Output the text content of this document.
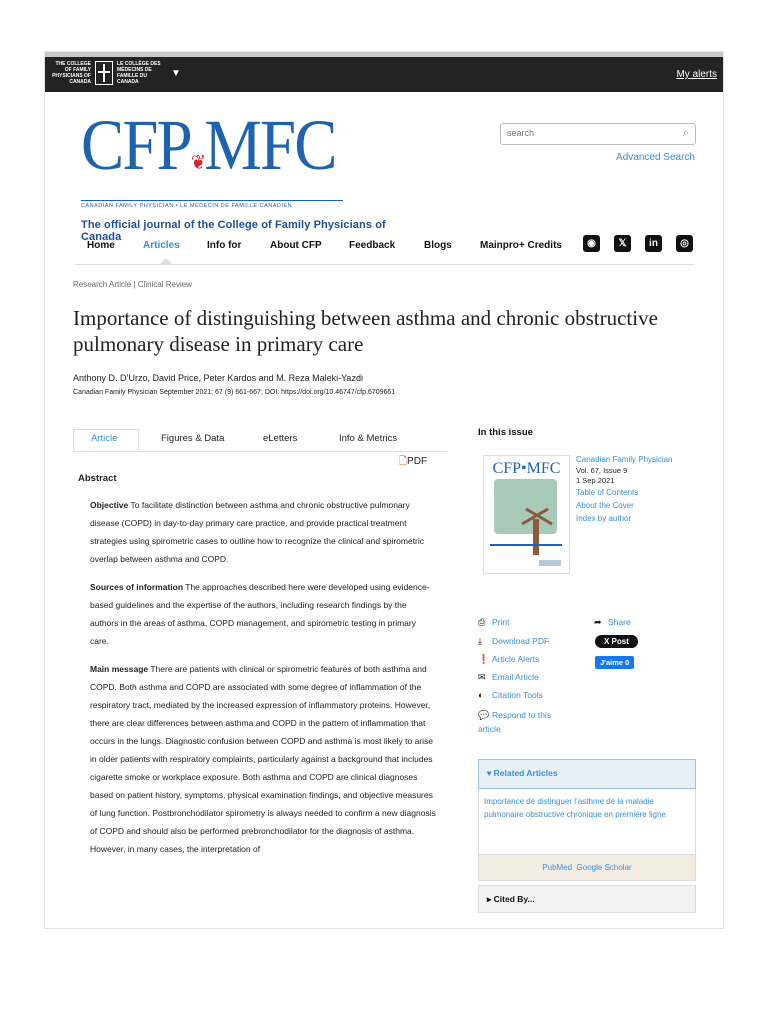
THE COLLEGE OF FAMILY PHYSICIANS OF CANADA
LE COLLÈGE DES MÉDECINS DE FAMILLE DU CANADA
▼	My alerts
CFP❦MFC
CANADIAN FAMILY PHYSICIAN • LE MÉDECIN DE FAMILLE CANADIEN
The official journal of the College of Family Physicians of Canada
search	⌕
Advanced Search
Home	Articles	Info for	About CFP	Feedback	Blogs	Mainpro+ Credits	◉	𝕏	in	◎
Research Article | Clinical Review
Importance of distinguishing between asthma and chronic obstructive pulmonary disease in primary care
Anthony D. D’Urzo, David Price, Peter Kardos and M. Reza Maleki-Yazdi
Canadian Family Physician September 2021; 67 (9) 661-667; DOI: https://doi.org/10.46747/cfp.6709661
Article	Figures & Data	eLetters	Info & Metrics
🗋PDF
Abstract

Objective To facilitate distinction between asthma and chronic obstructive pulmonary disease (COPD) in day-to-day primary care practice, and provide practical treatment strategies using spirometric cases to outline how to recognize the clinical and spirometric overlap between asthma and COPD.

Sources of information The approaches described here were developed using evidence-based guidelines and the expertise of the authors, including research findings by the authors in the areas of asthma, COPD management, and spirometric testing in primary care.

Main message There are patients with clinical or spirometric features of both asthma and COPD. Both asthma and COPD are associated with some degree of inflammation of the respiratory tract, mediated by the increased expression of inflammatory proteins. However, there are clear differences between asthma and COPD in the pattern of inflammation that occurs in the lungs. Diagnostic confusion between COPD and asthma is most likely to arise in older patients with respiratory complaints, particularly against a background that includes cigarette smoke or workplace exposure. Both asthma and COPD are clinical diagnoses based on patient history, symptoms, physical examination findings, and objective measures of lung function. Postbronchodilator spirometry is always needed to confirm a new diagnosis of COPD and should also be performed prebronchodilator for the diagnosis of asthma. However, in many cases, the interpretation of

In this issue
CFP•MFC
Canadian Family Physician
Vol. 67, Issue 9
1 Sep 2021
Table of Contents
About the Cover
Index by author
⎙ Print
⤓ Download PDF
❗ Article Alerts
✉ Email Article
◐ Citation Tools
💬 Respond to this article
➦ Share
X Post
J'aime 0
▾ Related Articles
Importance de distinguer l’asthme de la maladie pulmonaire obstructive chronique en première ligne
PubMed Google Scholar
▸ Cited By...
